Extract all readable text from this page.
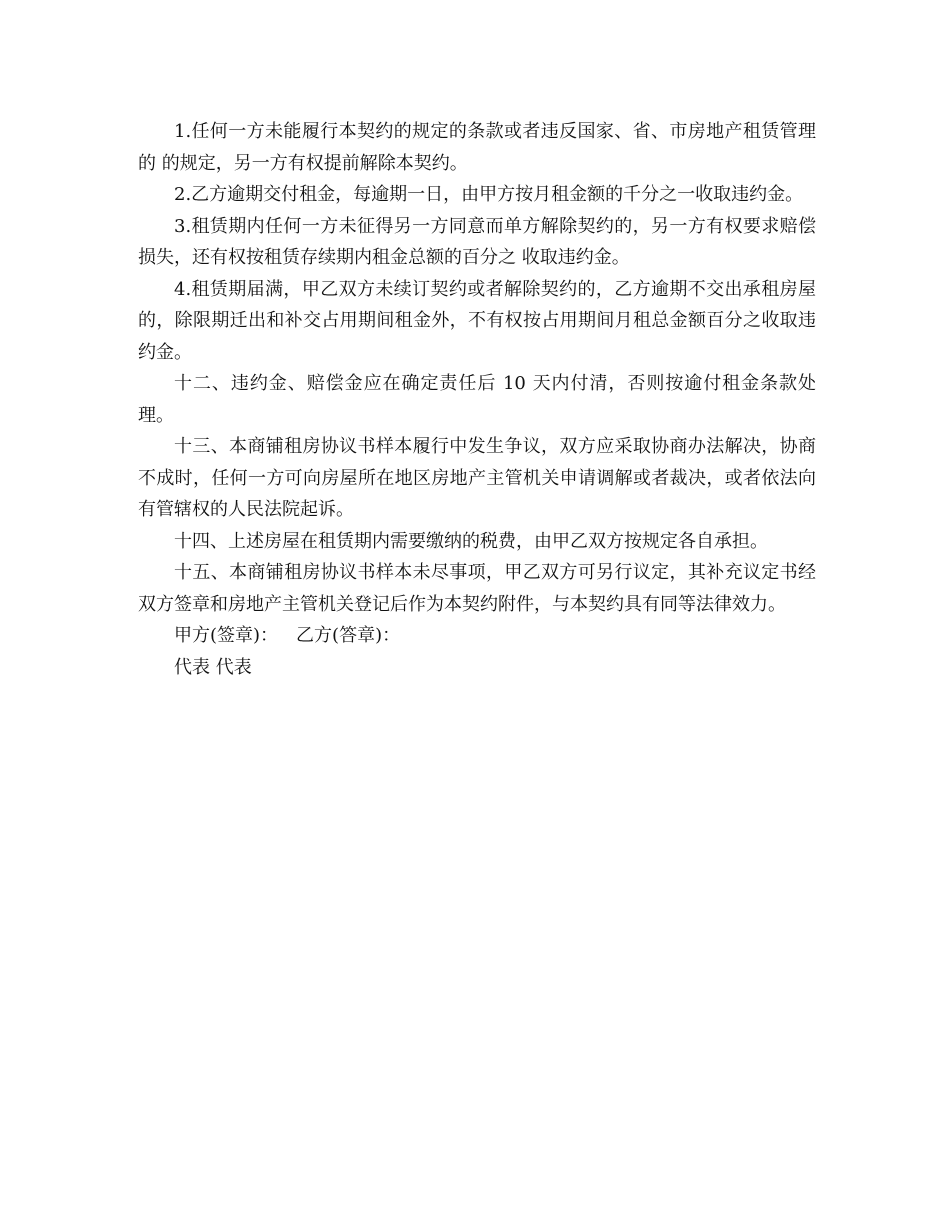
1.任何一方未能履行本契约的规定的条款或者违反国家、省、市房地产租赁管理的 的规定，另一方有权提前解除本契约。

2.乙方逾期交付租金，每逾期一日，由甲方按月租金额的千分之一收取违约金。

3.租赁期内任何一方未征得另一方同意而单方解除契约的，另一方有权要求赔偿损失，还有权按租赁存续期内租金总额的百分之 收取违约金。

4.租赁期届满，甲乙双方未续订契约或者解除契约的，乙方逾期不交出承租房屋的，除限期迁出和补交占用期间租金外，不有权按占用期间月租总金额百分之收取违约金。

十二、违约金、赔偿金应在确定责任后 10 天内付清，否则按逾付租金条款处理。

十三、本商铺租房协议书样本履行中发生争议，双方应采取协商办法解决，协商不成时，任何一方可向房屋所在地区房地产主管机关申请调解或者裁决，或者依法向有管辖权的人民法院起诉。

十四、上述房屋在租赁期内需要缴纳的税费，由甲乙双方按规定各自承担。

十五、本商铺租房协议书样本未尽事项，甲乙双方可另行议定，其补充议定书经双方签章和房地产主管机关登记后作为本契约附件，与本契约具有同等法律效力。

甲方(签章)： 乙方(答章)：

代表 代表
